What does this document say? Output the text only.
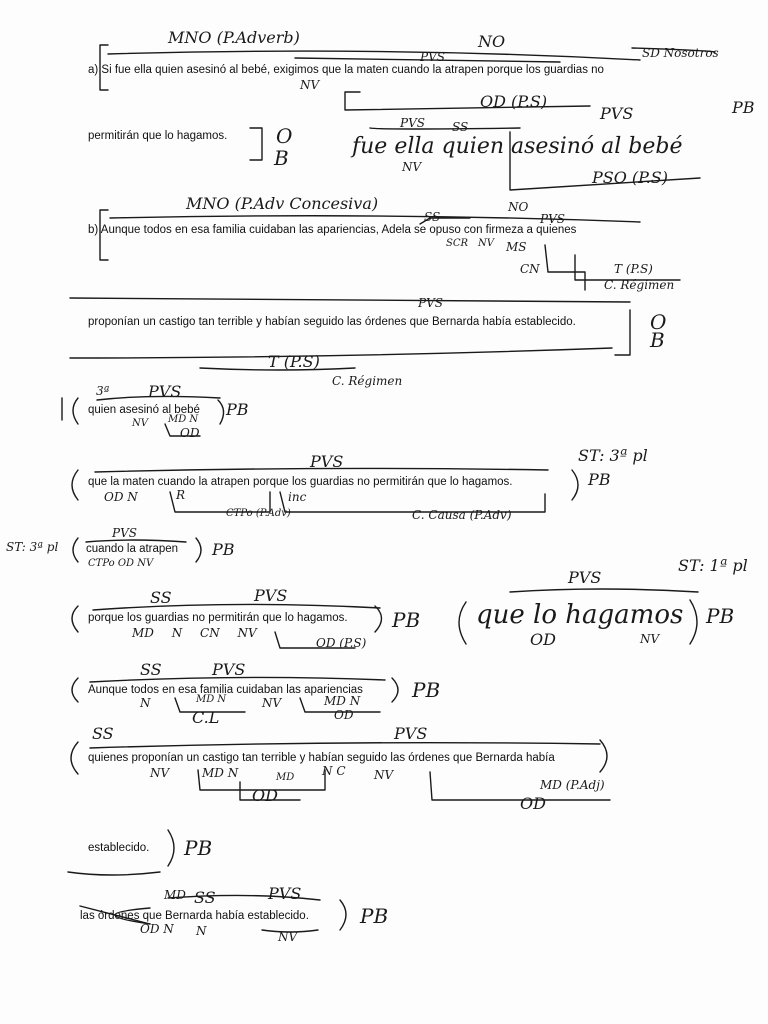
MNO (P.Adverb)	NO
PVS	SD Nosotros
a) Si fue ella quien asesinó al bebé, exigimos que la maten cuando la atrapen porque los guardias no
NV
OD (P.S)
PVS	PB
permitirán que lo hagamos. O
B
PVS SS
fue ella quien asesinó al bebé
NV
PSO (P.S)
MNO (P.Adv Concesiva)	NO
SS	PVS
b) Aunque todos en esa familia cuidaban las apariencias, Adela se opuso con firmeza a quienes
SCR NV MS
CN	T (P.S)
C. Régimen
PVS
proponían un castigo tan terrible y habían seguido las órdenes que Bernarda había establecido.	O
B
T (P.S)
C. Régimen
3ª PVS
quien asesinó al bebé PB
NV MD N
OD
PVS	ST: 3ª pl
que la maten cuando la atrapen porque los guardias no permitirán que lo hagamos.	PB
OD N	R	inc
CTPo (P.Adv)	C. Causa (P.Adv)
ST: 3ª pl
PVS
cuando la atrapen
CTPo OD NV
PB
SS	PVS
porque los guardias no permitirán que lo hagamos. PB
MD N CN NV
OD (P.S)
ST: 1ª pl
PVS
que lo hagamos
OD	NV
PB
SS	PVS
Aunque todos en esa familia cuidaban las apariencias PB
N	MD N	NV	MD N
C.L	OD
SS	PVS
quienes proponían un castigo tan terrible y habían seguido las órdenes que Bernarda había
NV	MD N	MD N C NV
OD	OD
MD (P.Adj)
establecido. PB
MD SS	PVS
las órdenes que Bernarda había establecido.	PB
OD N N	NV
